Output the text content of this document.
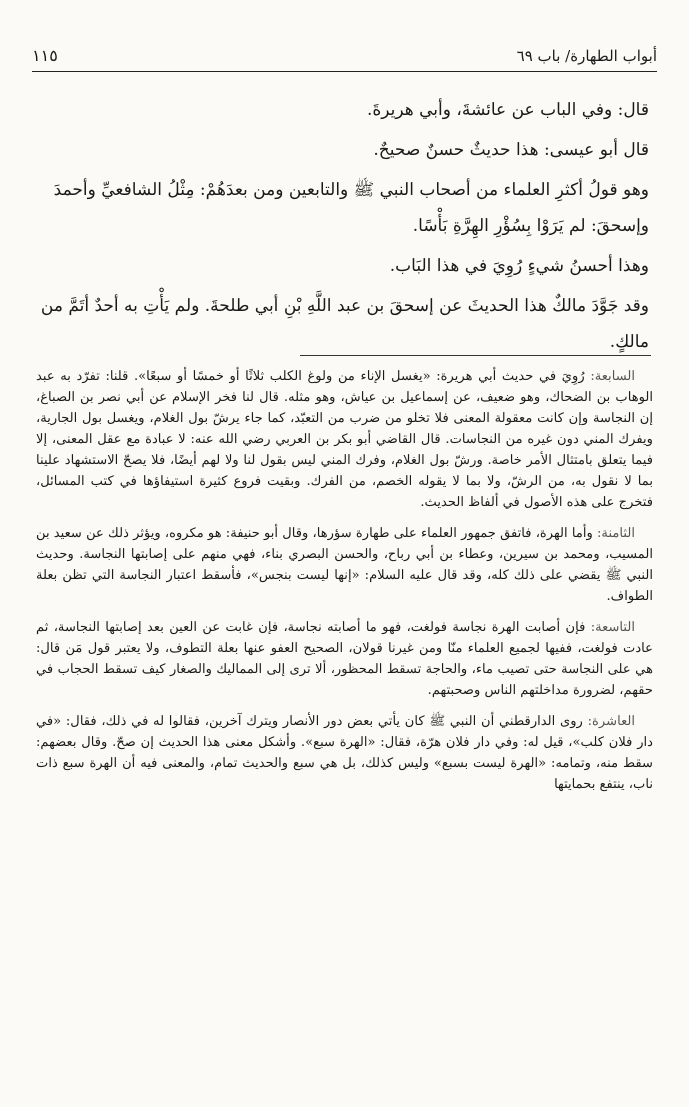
١١٥	أبواب الطهارة/ باب ٦٩

قال: وفي الباب عن عائشةَ، وأبي هريرةَ.

قال أبو عيسى: هذا حديثٌ حسنٌ صحيحٌ.

وهو قولُ أكثرِ العلماء من أصحاب النبي ﷺ والتابعين ومن بعدَهُمْ: مِثْلُ الشافعيِّ وأحمدَ وإسحقَ: لم يَرَوْا بِسُؤْرِ الهِرَّةِ بَأْسًا.

وهذا أحسنُ شيءٍ رُوِيَ في هذا البَاب.

وقد جَوَّدَ مالكٌ هذا الحديثَ عن إسحقَ بن عبد اللَّهِ بْنِ أبي طلحةَ. ولم يَأْتِ به أحدٌ أتَمَّ من مالكٍ.

السابعة: رُوِيَ في حديث أبي هريرة: «يغسل الإناء من ولوغ الكلب ثلاثًا أو خمسًا أو سبعًا». قلنا: تفرّد به عبد الوهاب بن الضحاك، وهو ضعيف، عن إسماعيل بن عياش، وهو مثله. قال لنا فخر الإسلام عن أبي نصر بن الصباغ، إن النجاسة وإن كانت معقولة المعنى فلا تخلو من ضرب من التعبّد، كما جاء يرشّ بول الغلام، ويغسل بول الجارية، ويفرك المني دون غيره من النجاسات. قال القاضي أبو بكر بن العربي رضي الله عنه: لا عبادة مع عقل المعنى، إلا فيما يتعلق بامتثال الأمر خاصة. ورشّ بول الغلام، وفرك المني ليس بقول لنا ولا لهم أيضًا، فلا يصحّ الاستشهاد علينا بما لا نقول به، من الرشّ، ولا بما لا يقوله الخصم، من الفرك. وبقيت فروع كثيرة استيفاؤها في كتب المسائل، فتخرج على هذه الأصول في ألفاظ الحديث.

الثامنة: وأما الهرة، فاتفق جمهور العلماء على طهارة سؤرها، وقال أبو حنيفة: هو مكروه، ويؤثر ذلك عن سعيد بن المسيب، ومحمد بن سيرين، وعطاء بن أبي رباح، والحسن البصري بناء، فهي منهم على إصابتها النجاسة. وحديث النبي ﷺ يقضي على ذلك كله، وقد قال عليه السلام: «إنها ليست بنجس»، فأسقط اعتبار النجاسة التي تظن بعلة الطواف.

التاسعة: فإن أصابت الهرة نجاسة فولغت، فهو ما أصابته نجاسة، فإن غابت عن العين بعد إصابتها النجاسة، ثم عادت فولغت، ففيها لجميع العلماء منّا ومن غيرنا قولان، الصحيح العفو عنها بعلة التطوف، ولا يعتبر قول مَن قال: هي على النجاسة حتى تصيب ماء، والحاجة تسقط المحظور، ألا ترى إلى المماليك والصغار كيف تسقط الحجاب في حقهم، لضرورة مداخلتهم الناس وصحبتهم.

العاشرة: روى الدارقطني أن النبي ﷺ كان يأتي بعض دور الأنصار ويترك آخرين، فقالوا له في ذلك، فقال: «في دار فلان كلب»، قيل له: وفي دار فلان هرّة، فقال: «الهرة سبع». وأشكل معنى هذا الحديث إن صحّ. وقال بعضهم: سقط منه، وتمامه: «الهرة ليست بسبع» وليس كذلك، بل هي سبع والحديث تمام، والمعنى فيه أن الهرة سبع ذات ناب، ينتفع بحمايتها
